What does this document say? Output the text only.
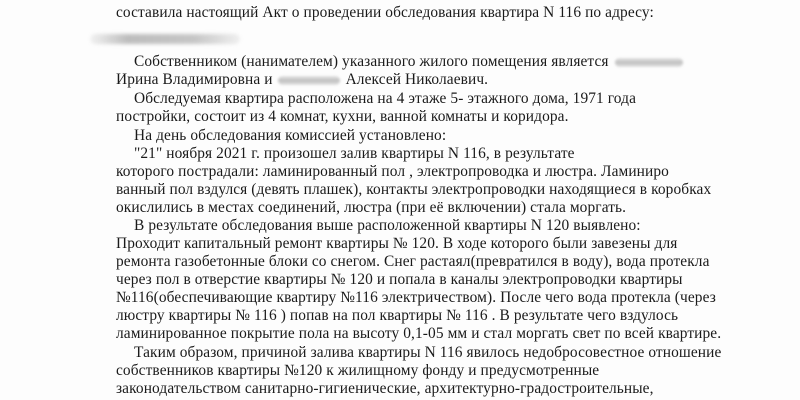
составила настоящий Акт о проведении обследования квартира N 116 по адресу:
Собственником (нанимателем) указанного жилого помещения является
Ирина Владимировна и	Алексей Николаевич.
Обследуемая квартира расположена на 4 этаже 5- этажного дома, 1971 года
постройки, состоит из 4 комнат, кухни, ванной комнаты и коридора.
На день обследования комиссией установлено:
"21" ноября 2021 г. произошел залив квартиры N 116, в результате
которого пострадали: ламинированный пол , электропроводка и люстра. Ламиниро
ванный пол вздулся (девять плашек), контакты электропроводки находящиеся в коробках
окислились в местах соединений, люстра (при её включении) стала моргать.
В результате обследования выше расположенной квартиры N 120 выявлено:
Проходит капитальный ремонт квартиры № 120. В ходе которого были завезены для
ремонта газобетонные блоки со снегом. Снег растаял(превратился в воду), вода протекла
через пол в отверстие квартиры № 120 и попала в каналы электропроводки квартиры
№116(обеспечивающие квартиру №116 электричеством). После чего вода протекла (через
люстру квартиры № 116 ) попав на пол квартиры № 116 . В результате чего вздулось
ламинированное покрытие пола на высоту 0,1-05 мм и стал моргать свет по всей квартире.
Таким образом, причиной залива квартиры N 116 явилось недобросовестное отношение
собственников квартиры №120 к жилищному фонду и предусмотренные
законодательством санитарно-гигиенические, архитектурно-градостроительные,
